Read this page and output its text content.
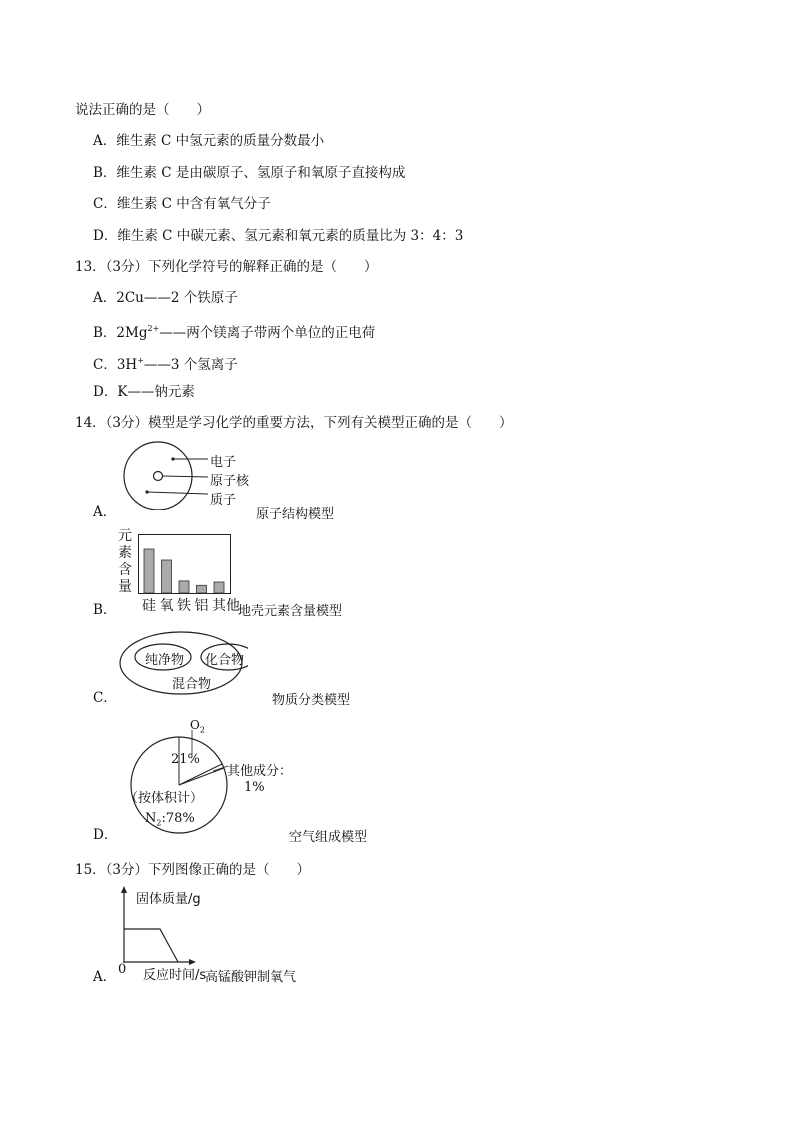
说法正确的是（　　）
A．维生素 C 中氢元素的质量分数最小
B．维生素 C 是由碳原子、氢原子和氧原子直接构成
C．维生素 C 中含有氧气分子
D．维生素 C 中碳元素、氢元素和氧元素的质量比为 3：4：3
13．（3分）下列化学符号的解释正确的是（　　）
A．2Cu——2 个铁原子
B．$2Mg^{2+}——$两个镁离子带两个单位的正电荷
C．3H+——3 个氢离子
D．K——钠元素
14．（3分）模型是学习化学的重要方法，下列有关模型正确的是（　　）
A．
电子
原子核
质子
原子结构模型
B．
元
素
含
量
硅 氧 铁 铝 其他
地壳元素含量模型
C．
纯净物 化合物
混合物
物质分类模型
D．
$O_2$
21%
其他成分：
1%
（按体积计）
$N_2:78\%$
空气组成模型
15．（3分）下列图像正确的是（　　）
A．
固体质量/g
0 反应时间/s
高锰酸钾制氧气
